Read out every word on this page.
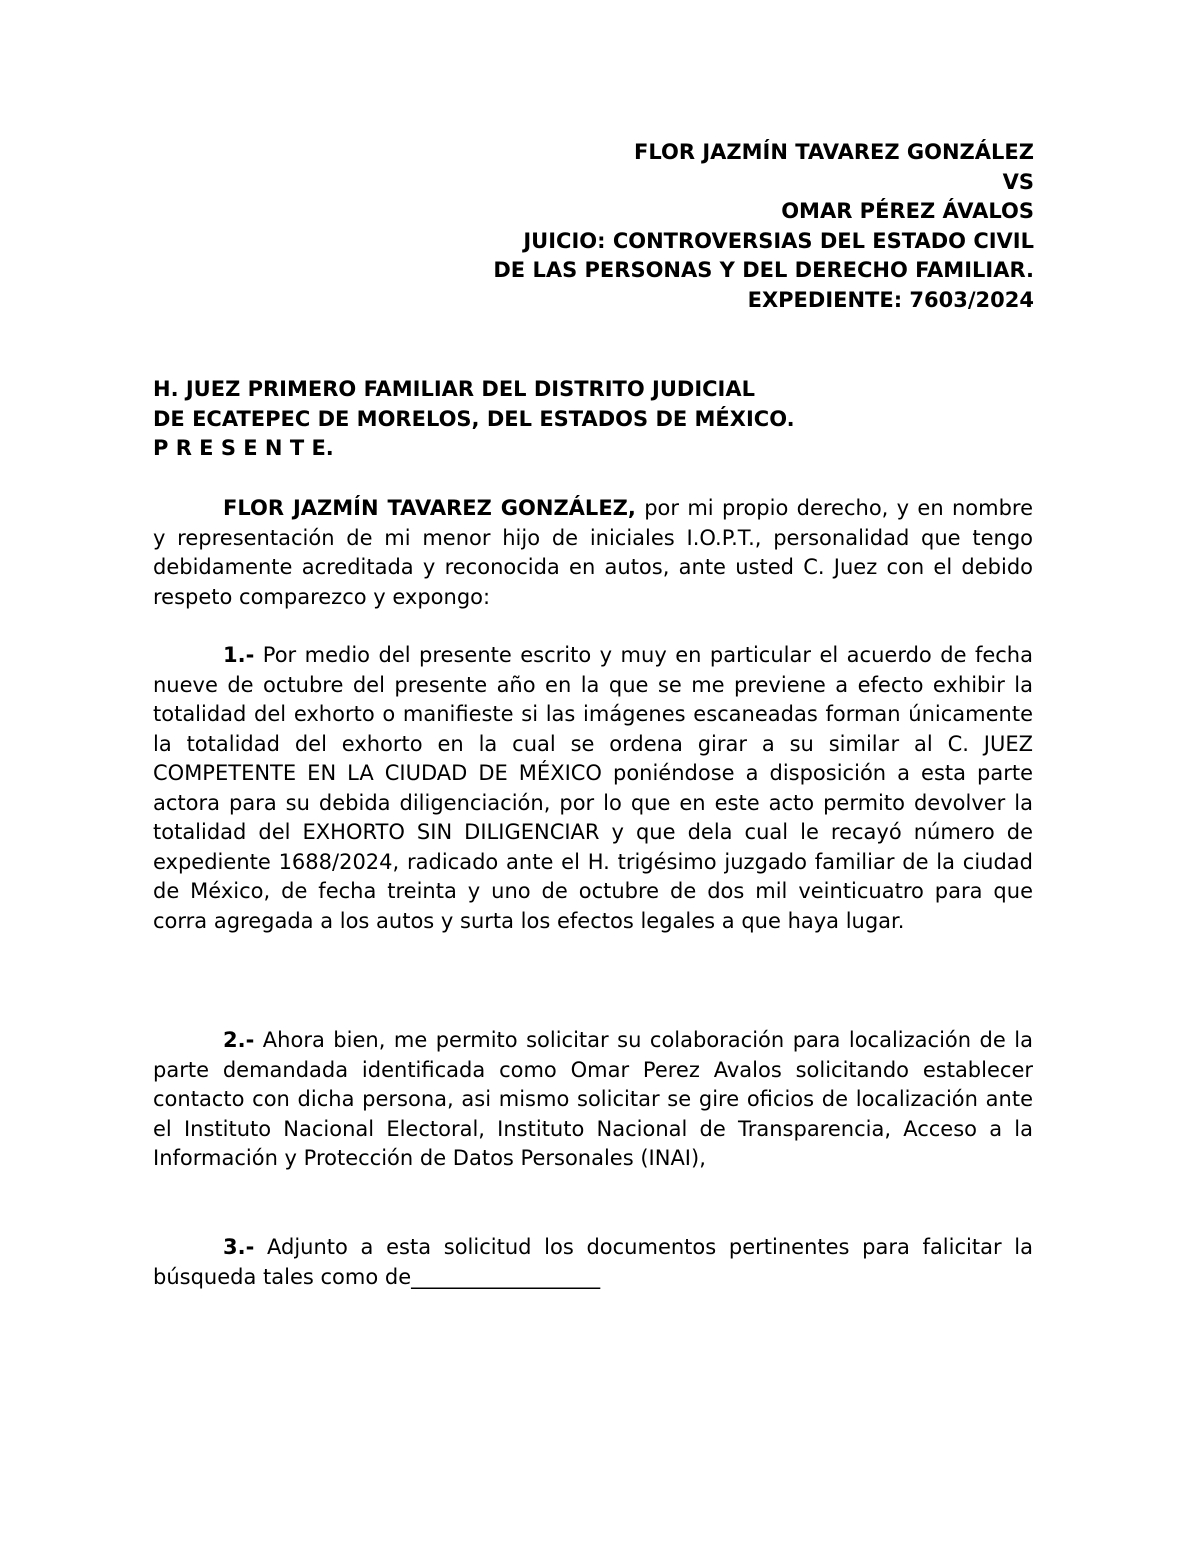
FLOR JAZMÍN TAVAREZ GONZÁLEZ
VS
OMAR PÉREZ ÁVALOS
JUICIO: CONTROVERSIAS DEL ESTADO CIVIL
DE LAS PERSONAS Y DEL DERECHO FAMILIAR.
EXPEDIENTE: 7603/2024
H. JUEZ PRIMERO FAMILIAR DEL DISTRITO JUDICIAL
DE ECATEPEC DE MORELOS, DEL ESTADOS DE MÉXICO.
P R E S E N T E.

FLOR JAZMÍN TAVAREZ GONZÁLEZ, por mi propio derecho, y en nombre y representación de mi menor hijo de iniciales I.O.P.T., personalidad que tengo debidamente acreditada y reconocida en autos, ante usted C. Juez con el debido respeto comparezco y expongo:

1.- Por medio del presente escrito y muy en particular el acuerdo de fecha nueve de octubre del presente año en la que se me previene a efecto exhibir la totalidad del exhorto o manifieste si las imágenes escaneadas forman únicamente la totalidad del exhorto en la cual se ordena girar a su similar al C. JUEZ COMPETENTE EN LA CIUDAD DE MÉXICO poniéndose a disposición a esta parte actora para su debida diligenciación, por lo que en este acto permito devolver la totalidad del EXHORTO SIN DILIGENCIAR y que dela cual le recayó número de expediente 1688/2024, radicado ante el H. trigésimo juzgado familiar de la ciudad de México, de fecha treinta y uno de octubre de dos mil veinticuatro para que corra agregada a los autos y surta los efectos legales a que haya lugar.

2.- Ahora bien, me permito solicitar su colaboración para localización de la parte demandada identificada como Omar Perez Avalos solicitando establecer contacto con dicha persona, asi mismo solicitar se gire oficios de localización ante el Instituto Nacional Electoral, Instituto Nacional de Transparencia, Acceso a la Información y Protección de Datos Personales (INAI),

3.- Adjunto a esta solicitud los documentos pertinentes para falicitar la búsqueda tales como de__________________
